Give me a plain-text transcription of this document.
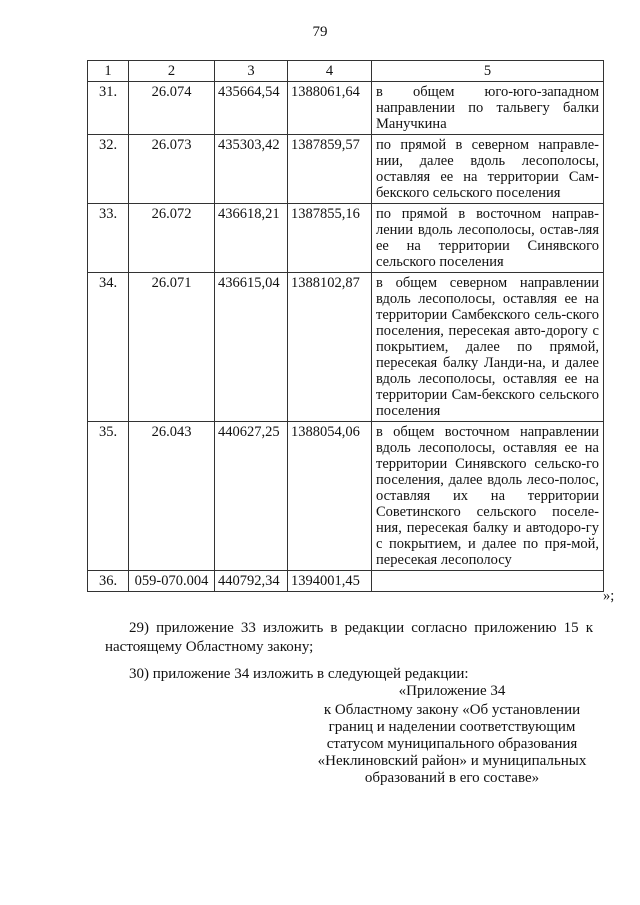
79
1	2	3	4	5
31.	26.074	435664,54	1388061,64	в общем юго-юго-западном направлении по тальвегу балки Манучкина
32.	26.073	435303,42	1387859,57	по прямой в северном направле-нии, далее вдоль лесополосы, оставляя ее на территории Сам-бекского сельского поселения
33.	26.072	436618,21	1387855,16	по прямой в восточном направ-лении вдоль лесополосы, остав-ляя ее на территории Синявского сельского поселения
34.	26.071	436615,04	1388102,87	в общем северном направлении вдоль лесополосы, оставляя ее на территории Самбекского сель-ского поселения, пересекая авто-дорогу с покрытием, далее по прямой, пересекая балку Ланди-на, и далее вдоль лесополосы, оставляя ее на территории Сам-бекского сельского поселения
35.	26.043	440627,25	1388054,06	в общем восточном направлении вдоль лесополосы, оставляя ее на территории Синявского сельско-го поселения, далее вдоль лесо-полос, оставляя их на территории Советинского сельского поселе-ния, пересекая балку и автодоро-гу с покрытием, и далее по пря-мой, пересекая лесополосу
36.	059-070.004	440792,34	1394001,45	
»;
29) приложение 33 изложить в редакции согласно приложению 15 к
настоящему Областному закону;
30) приложение 34 изложить в следующей редакции:
«Приложение 34
к Областному закону «Об установлении
границ и наделении соответствующим
статусом муниципального образования
«Неклиновский район» и муниципальных
образований в его составе»
